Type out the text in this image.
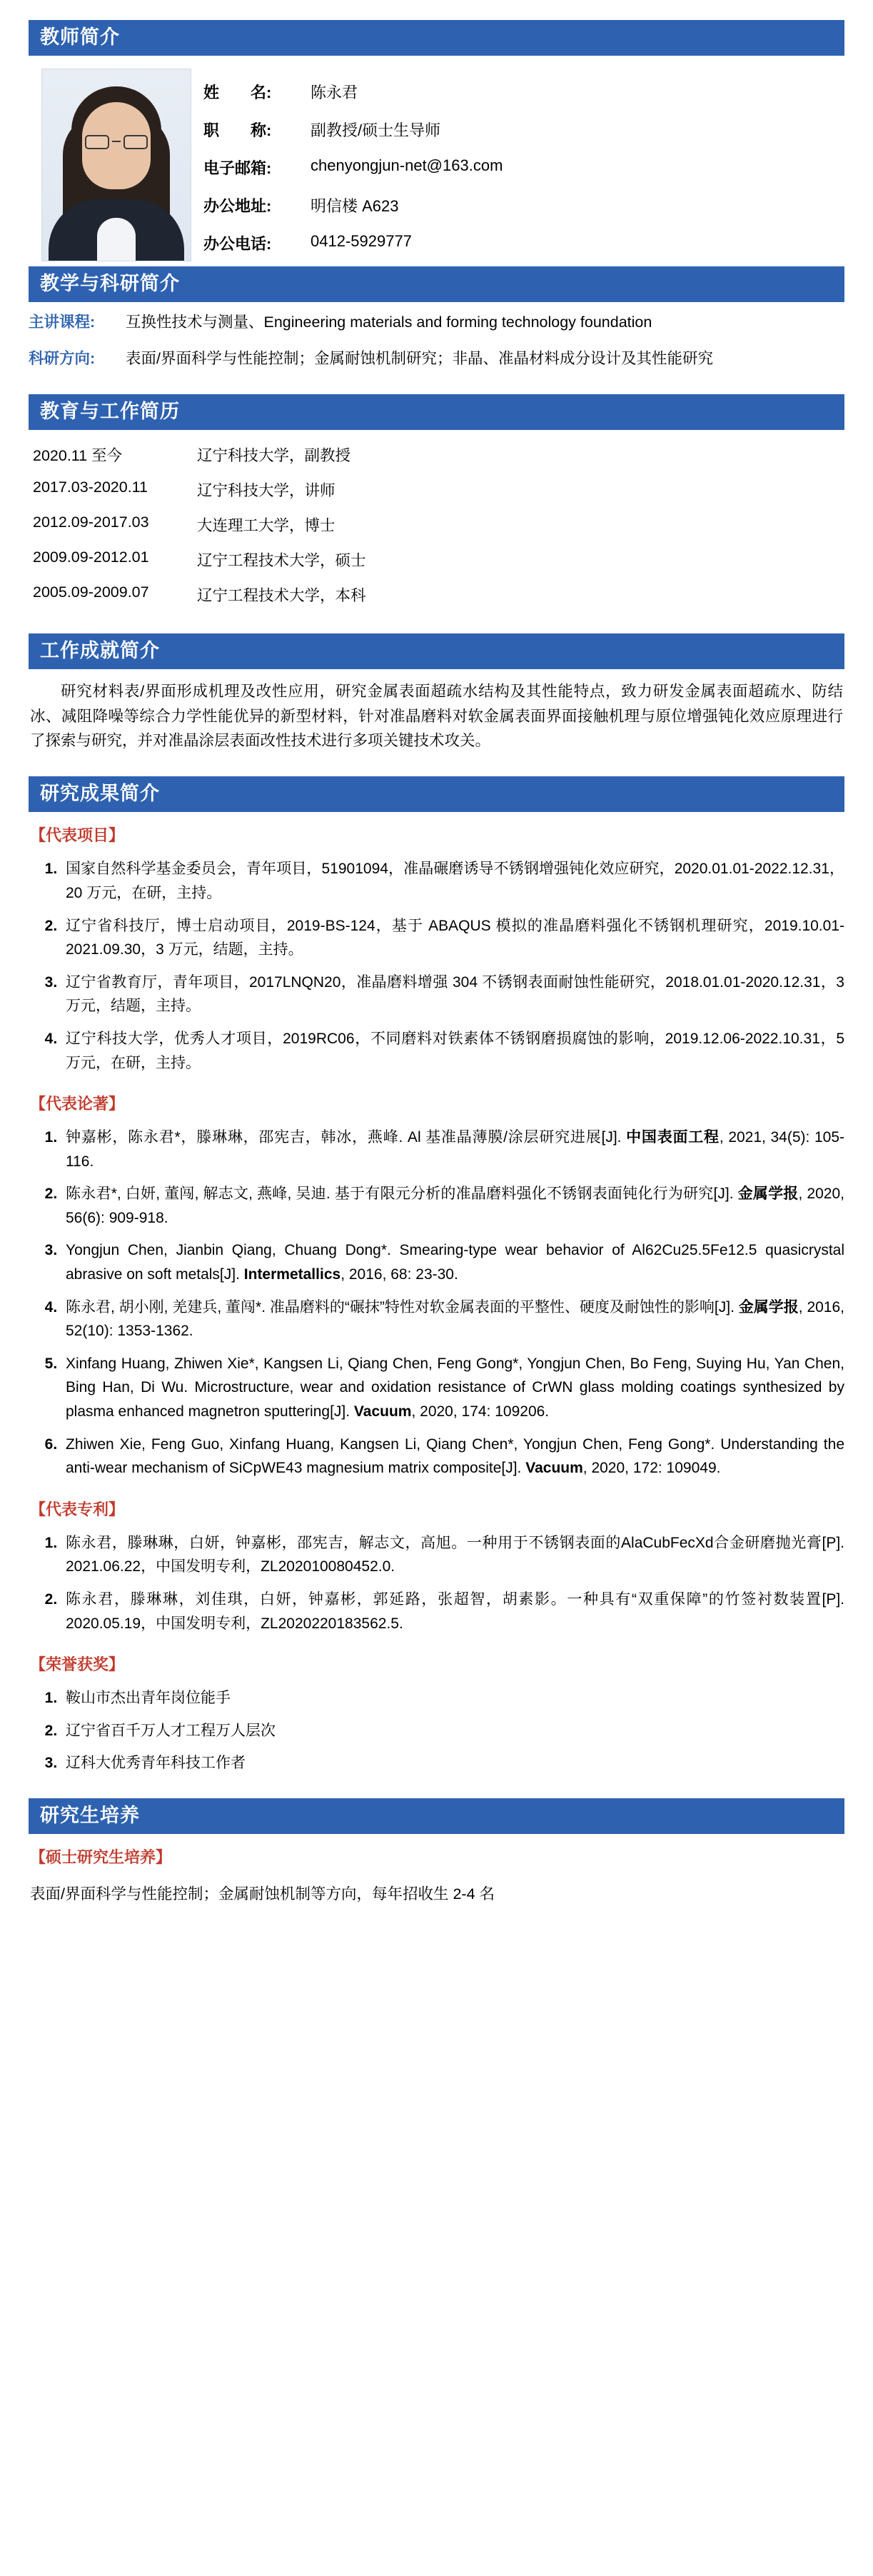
教师简介
姓　　名:	陈永君
职　　称:	副教授/硕士生导师
电子邮箱:	chenyongjun-net@163.com
办公地址:	明信楼 A623
办公电话:	0412-5929777
教学与科研简介
主讲课程:	互换性技术与测量、Engineering materials and forming technology foundation
科研方向:	表面/界面科学与性能控制；金属耐蚀机制研究；非晶、准晶材料成分设计及其性能研究
教育与工作简历
2020.11 至今	辽宁科技大学，副教授
2017.03-2020.11	辽宁科技大学，讲师
2012.09-2017.03	大连理工大学，博士
2009.09-2012.01	辽宁工程技术大学，硕士
2005.09-2009.07	辽宁工程技术大学，本科
工作成就简介
研究材料表/界面形成机理及改性应用，研究金属表面超疏水结构及其性能特点，致力研发金属表面超疏水、防结冰、减阻降噪等综合力学性能优异的新型材料，针对准晶磨料对软金属表面界面接触机理与原位增强钝化效应原理进行了探索与研究，并对准晶涂层表面改性技术进行多项关键技术攻关。
研究成果简介
【代表项目】
1. 国家自然科学基金委员会，青年项目，51901094，准晶碾磨诱导不锈钢增强钝化效应研究，2020.01.01-2022.12.31，20 万元，在研，主持。
2. 辽宁省科技厅，博士启动项目，2019-BS-124，基于 ABAQUS 模拟的准晶磨料强化不锈钢机理研究，2019.10.01-2021.09.30，3 万元，结题，主持。
3. 辽宁省教育厅，青年项目，2017LNQN20，准晶磨料增强 304 不锈钢表面耐蚀性能研究，2018.01.01-2020.12.31，3 万元，结题，主持。
4. 辽宁科技大学，优秀人才项目，2019RC06，不同磨料对铁素体不锈钢磨损腐蚀的影响，2019.12.06-2022.10.31，5 万元，在研，主持。
【代表论著】
1. 钟嘉彬，陈永君*，滕琳琳，邵宪吉，韩冰，燕峰. Al 基准晶薄膜/涂层研究进展[J]. 中国表面工程, 2021, 34(5): 105-116.
2. 陈永君*, 白妍, 董闯, 解志文, 燕峰, 吴迪. 基于有限元分析的准晶磨料强化不锈钢表面钝化行为研究[J]. 金属学报, 2020, 56(6): 909-918.
3. Yongjun Chen, Jianbin Qiang, Chuang Dong*. Smearing-type wear behavior of Al62Cu25.5Fe12.5 quasicrystal abrasive on soft metals[J]. Intermetallics, 2016, 68: 23-30.
4. 陈永君, 胡小刚, 羌建兵, 董闯*. 准晶磨料的“碾抹”特性对软金属表面的平整性、硬度及耐蚀性的影响[J]. 金属学报, 2016, 52(10): 1353-1362.
5. Xinfang Huang, Zhiwen Xie*, Kangsen Li, Qiang Chen, Feng Gong*, Yongjun Chen, Bo Feng, Suying Hu, Yan Chen, Bing Han, Di Wu. Microstructure, wear and oxidation resistance of CrWN glass molding coatings synthesized by plasma enhanced magnetron sputtering[J]. Vacuum, 2020, 174: 109206.
6. Zhiwen Xie, Feng Guo, Xinfang Huang, Kangsen Li, Qiang Chen*, Yongjun Chen, Feng Gong*. Understanding the anti-wear mechanism of SiCpWE43 magnesium matrix composite[J]. Vacuum, 2020, 172: 109049.
【代表专利】
1. 陈永君，滕琳琳，白妍，钟嘉彬，邵宪吉，解志文，高旭。一种用于不锈钢表面的AlaCubFecXd合金研磨抛光膏[P]. 2021.06.22，中国发明专利，ZL202010080452.0.
2. 陈永君，滕琳琳，刘佳琪，白妍，钟嘉彬，郭延路，张超智，胡素影。一种具有“双重保障”的竹签衬数装置[P]. 2020.05.19，中国发明专利，ZL2020220183562.5.
【荣誉获奖】
1. 鞍山市杰出青年岗位能手
2. 辽宁省百千万人才工程万人层次
3. 辽科大优秀青年科技工作者
研究生培养
【硕士研究生培养】
表面/界面科学与性能控制；金属耐蚀机制等方向，每年招收生 2-4 名
